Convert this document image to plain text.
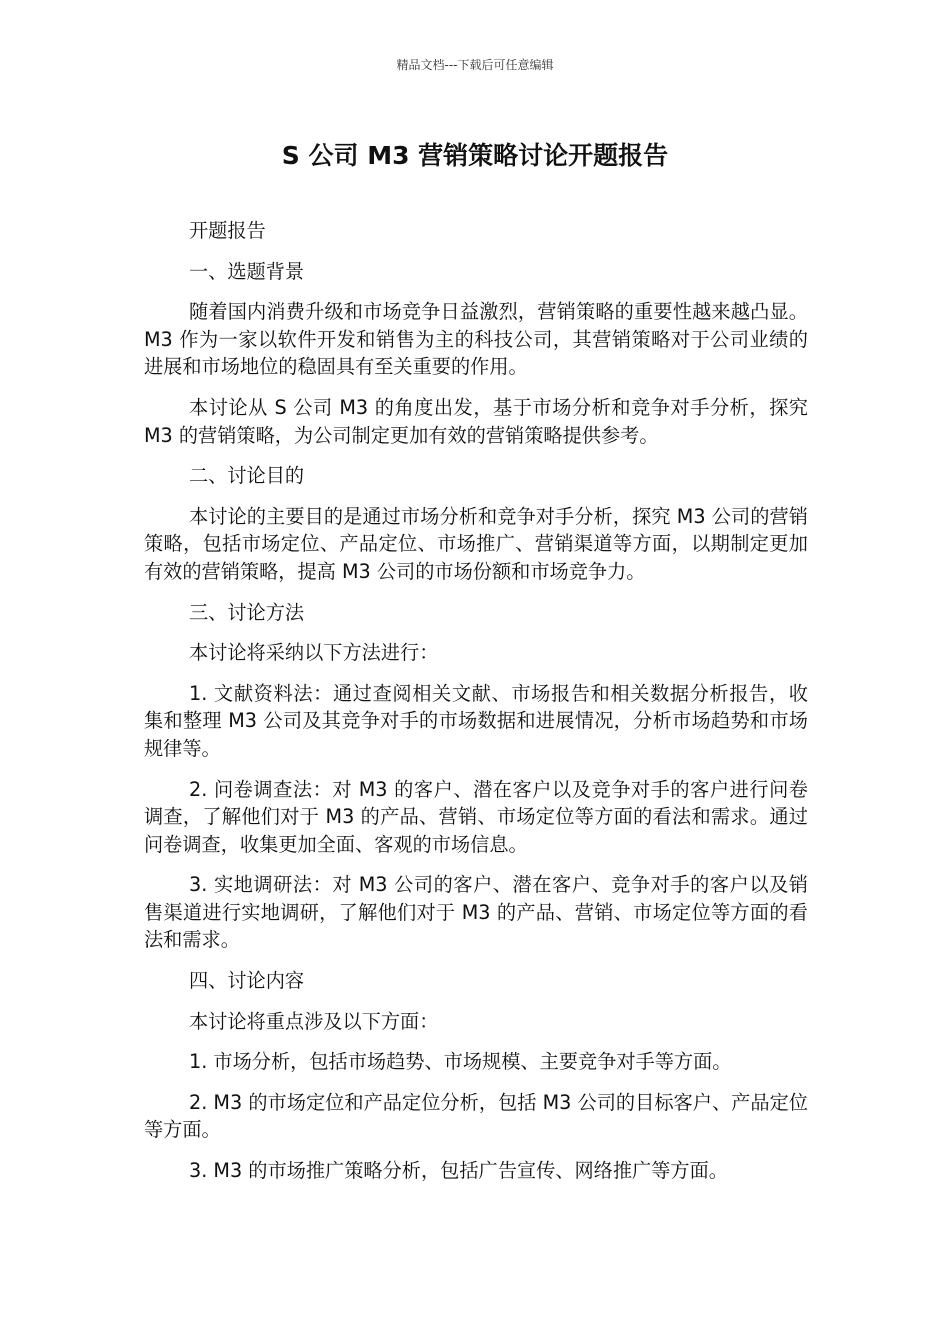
精品文档---下载后可任意编辑
S 公司 M3 营销策略讨论开题报告

开题报告

一、选题背景

随着国内消费升级和市场竞争日益激烈，营销策略的重要性越来越凸显。M3 作为一家以软件开发和销售为主的科技公司，其营销策略对于公司业绩的进展和市场地位的稳固具有至关重要的作用。

本讨论从 S 公司 M3 的角度出发，基于市场分析和竞争对手分析，探究 M3 的营销策略，为公司制定更加有效的营销策略提供参考。

二、讨论目的

本讨论的主要目的是通过市场分析和竞争对手分析，探究 M3 公司的营销策略，包括市场定位、产品定位、市场推广、营销渠道等方面，以期制定更加有效的营销策略，提高 M3 公司的市场份额和市场竞争力。

三、讨论方法

本讨论将采纳以下方法进行：

1. 文献资料法：通过查阅相关文献、市场报告和相关数据分析报告，收集和整理 M3 公司及其竞争对手的市场数据和进展情况，分析市场趋势和市场规律等。

2. 问卷调查法：对 M3 的客户、潜在客户以及竞争对手的客户进行问卷调查，了解他们对于 M3 的产品、营销、市场定位等方面的看法和需求。通过问卷调查，收集更加全面、客观的市场信息。

3. 实地调研法：对 M3 公司的客户、潜在客户、竞争对手的客户以及销售渠道进行实地调研，了解他们对于 M3 的产品、营销、市场定位等方面的看法和需求。

四、讨论内容

本讨论将重点涉及以下方面：

1. 市场分析，包括市场趋势、市场规模、主要竞争对手等方面。

2. M3 的市场定位和产品定位分析，包括 M3 公司的目标客户、产品定位等方面。

3. M3 的市场推广策略分析，包括广告宣传、网络推广等方面。
